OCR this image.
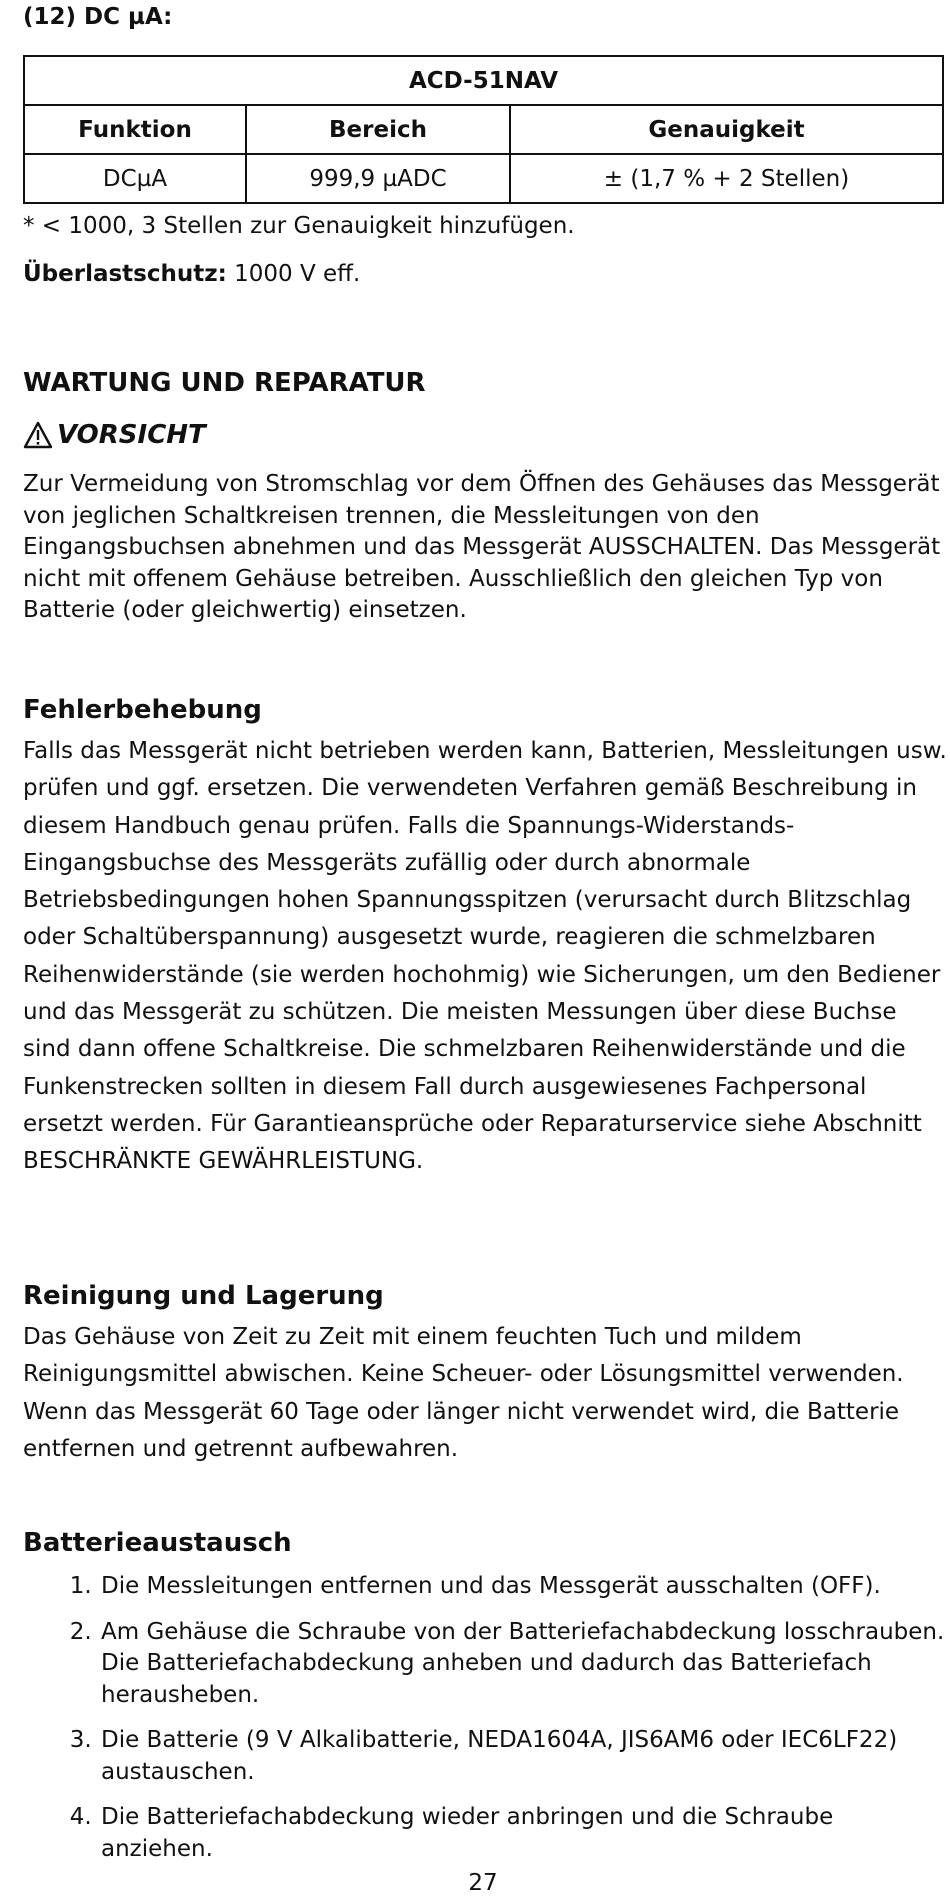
(12) DC µA:
ACD-51NAV		
Funktion	Bereich	Genauigkeit
DCµA	999,9 µADC	± (1,7 % + 2 Stellen)
* < 1000, 3 Stellen zur Genauigkeit hinzufügen.
Überlastschutz: 1000 V eff.
WARTUNG UND REPARATUR
VORSICHT
Zur Vermeidung von Stromschlag vor dem Öffnen des Gehäuses das Messgerät von jeglichen Schaltkreisen trennen, die Messleitungen von den Eingangsbuchsen abnehmen und das Messgerät AUSSCHALTEN. Das Messgerät nicht mit offenem Gehäuse betreiben. Ausschließlich den gleichen Typ von Batterie (oder gleichwertig) einsetzen.
Fehlerbehebung
Falls das Messgerät nicht betrieben werden kann, Batterien, Messleitungen usw. prüfen und ggf. ersetzen. Die verwendeten Verfahren gemäß Beschreibung in diesem Handbuch genau prüfen. Falls die Spannungs-Widerstands-Eingangsbuchse des Messgeräts zufällig oder durch abnormale Betriebsbedingungen hohen Spannungsspitzen (verursacht durch Blitzschlag oder Schaltüberspannung) ausgesetzt wurde, reagieren die schmelzbaren Reihenwiderstände (sie werden hochohmig) wie Sicherungen, um den Bediener und das Messgerät zu schützen. Die meisten Messungen über diese Buchse sind dann offene Schaltkreise. Die schmelzbaren Reihenwiderstände und die Funkenstrecken sollten in diesem Fall durch ausgewiesenes Fachpersonal ersetzt werden. Für Garantieansprüche oder Reparaturservice siehe Abschnitt BESCHRÄNKTE GEWÄHRLEISTUNG.
Reinigung und Lagerung
Das Gehäuse von Zeit zu Zeit mit einem feuchten Tuch und mildem Reinigungsmittel abwischen. Keine Scheuer- oder Lösungsmittel verwenden. Wenn das Messgerät 60 Tage oder länger nicht verwendet wird, die Batterie entfernen und getrennt aufbewahren.
Batterieaustausch
1. Die Messleitungen entfernen und das Messgerät ausschalten (OFF).
2. Am Gehäuse die Schraube von der Batteriefachabdeckung losschrauben. Die Batteriefachabdeckung anheben und dadurch das Batteriefach herausheben.
3. Die Batterie (9 V Alkalibatterie, NEDA1604A, JIS6AM6 oder IEC6LF22) austauschen.
4. Die Batteriefachabdeckung wieder anbringen und die Schraube anziehen.
27
